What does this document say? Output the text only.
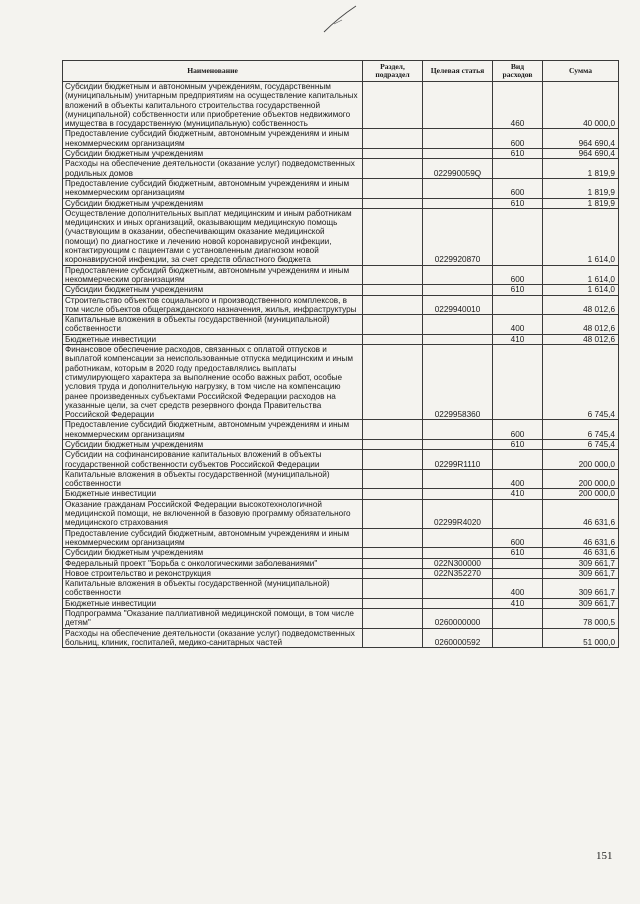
Наименование	Раздел, подраздел	Целевая статья	Вид расходов	Сумма
Субсидии бюджетным и автономным учреждениям, государственным (муниципальным) унитарным предприятиям на осуществление капитальных вложений в объекты капитального строительства государственной (муниципальной) собственности или приобретение объектов недвижимого имущества в государственную (муниципальную) собственность			460	40 000,0
Предоставление субсидий бюджетным, автономным учреждениям и иным некоммерческим организациям			600	964 690,4
Субсидии бюджетным учреждениям			610	964 690,4
Расходы на обеспечение деятельности (оказание услуг) подведомственных родильных домов		022990059Q		1 819,9
Предоставление субсидий бюджетным, автономным учреждениям и иным некоммерческим организациям			600	1 819,9
Субсидии бюджетным учреждениям			610	1 819,9
Осуществление дополнительных выплат медицинским и иным работникам медицинских и иных организаций, оказывающим медицинскую помощь (участвующим в оказании, обеспечивающим оказание медицинской помощи) по диагностике и лечению новой коронавирусной инфекции, контактирующим с пациентами с установленным диагнозом новой коронавирусной инфекции, за счет средств областного бюджета		0229920870		1 614,0
Предоставление субсидий бюджетным, автономным учреждениям и иным некоммерческим организациям			600	1 614,0
Субсидии бюджетным учреждениям			610	1 614,0
Строительство объектов социального и производственного комплексов, в том числе объектов общегражданского назначения, жилья, инфраструктуры		0229940010		48 012,6
Капитальные вложения в объекты государственной (муниципальной) собственности			400	48 012,6
Бюджетные инвестиции			410	48 012,6
Финансовое обеспечение расходов, связанных с оплатой отпусков и выплатой компенсации за неиспользованные отпуска медицинским и иным работникам, которым в 2020 году предоставлялись выплаты стимулирующего характера за выполнение особо важных работ, особые условия труда и дополнительную нагрузку, в том числе на компенсацию ранее произведенных субъектами Российской Федерации расходов на указанные цели, за счет средств резервного фонда Правительства Российской Федерации		0229958360		6 745,4
Предоставление субсидий бюджетным, автономным учреждениям и иным некоммерческим организациям			600	6 745,4
Субсидии бюджетным учреждениям			610	6 745,4
Субсидии на софинансирование капитальных вложений в объекты государственной собственности субъектов Российской Федерации		02299R1110		200 000,0
Капитальные вложения в объекты государственной (муниципальной) собственности			400	200 000,0
Бюджетные инвестиции			410	200 000,0
Оказание гражданам Российской Федерации высокотехнологичной медицинской помощи, не включенной в базовую программу обязательного медицинского страхования		02299R4020		46 631,6
Предоставление субсидий бюджетным, автономным учреждениям и иным некоммерческим организациям			600	46 631,6
Субсидии бюджетным учреждениям			610	46 631,6
Федеральный проект "Борьба с онкологическими заболеваниями"		022N300000		309 661,7
Новое строительство и реконструкция		022N352270		309 661,7
Капитальные вложения в объекты государственной (муниципальной) собственности			400	309 661,7
Бюджетные инвестиции			410	309 661,7
Подпрограмма "Оказание паллиативной медицинской помощи, в том числе детям"		0260000000		78 000,5
Расходы на обеспечение деятельности (оказание услуг) подведомственных больниц, клиник, госпиталей, медико-санитарных частей		0260000592		51 000,0
151
